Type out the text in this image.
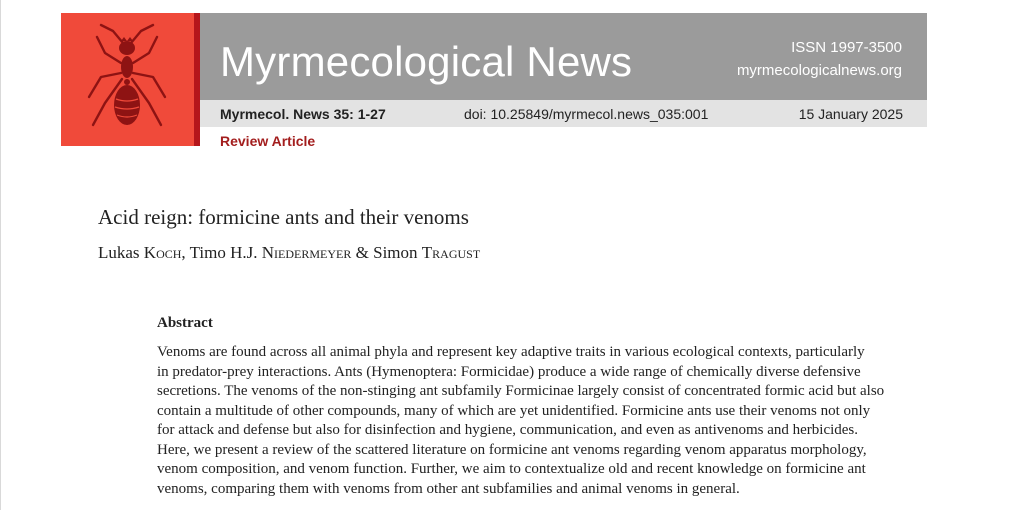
Myrmecological News	ISSN 1997-3500
myrmecologicalnews.org
Myrmecol. News 35: 1-27	doi: 10.25849/myrmecol.news_035:001	15 January 2025
Review Article
Acid reign: formicine ants and their venoms
Lukas Koch, Timo H.J. Niedermeyer & Simon Tragust
Abstract
Venoms are found across all animal phyla and represent key adaptive traits in various ecological contexts, particularly
in predator-prey interactions. Ants (Hymenoptera: Formicidae) produce a wide range of chemically diverse defensive
secretions. The venoms of the non-stinging ant subfamily Formicinae largely consist of concentrated formic acid but also
contain a multitude of other compounds, many of which are yet unidentified. Formicine ants use their venoms not only
for attack and defense but also for disinfection and hygiene, communication, and even as antivenoms and herbicides.
Here, we present a review of the scattered literature on formicine ant venoms regarding venom apparatus morphology,
venom composition, and venom function. Further, we aim to contextualize old and recent knowledge on formicine ant
venoms, comparing them with venoms from other ant subfamilies and animal venoms in general.
